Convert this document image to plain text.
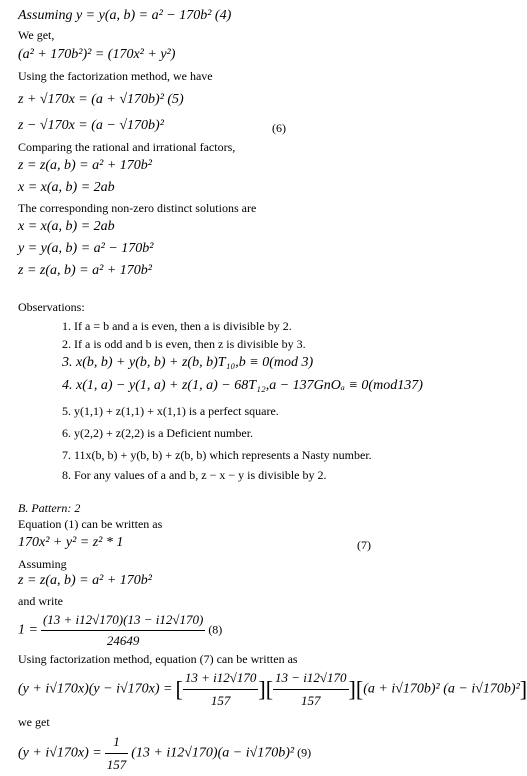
Assuming y = y(a, b) = a² − 170b² (4)
We get,
(a² + 170b²)² = (170x² + y²)
Using the factorization method, we have
z + √170x = (a + √170b)² (5)
z − √170x = (a − √170b)²	(6)
Comparing the rational and irrational factors,
z = z(a, b) = a² + 170b²
x = x(a, b) = 2ab
The corresponding non-zero distinct solutions are
x = x(a, b) = 2ab
y = y(a, b) = a² − 170b²
z = z(a, b) = a² + 170b²
Observations:
1. If a = b and a is even, then a is divisible by 2.
2. If a is odd and b is even, then z is divisible by 3.
3. x(b, b) + y(b, b) + z(b, b)T₁₀,b ≡ 0(mod 3)
4. x(1, a) − y(1, a) + z(1, a) − 68T₁₂,a − 137GnOₐ ≡ 0(mod137)
5. y(1,1) + z(1,1) + x(1,1) is a perfect square.
6. y(2,2) + z(2,2) is a Deficient number.
7. 11x(b, b) + y(b, b) + z(b, b) which represents a Nasty number.
8. For any values of a and b, z − x − y is divisible by 2.
B. Pattern: 2
Equation (1) can be written as
170x² + y² = z² * 1	(7)
Assuming
z = z(a, b) = a² + 170b²
and write
$1 = \frac{(13 + i12√170)(13 - i12√170)}{24649} (8)$
Using factorization method, equation (7) can be written as
(y + i√170x)(y − i√170x) = [ $\frac{13 + i12√170}{157}$ ][ $\frac{13 - i12√170}{157} ][(a + i√170b)^2$ (a − i√170b)²]
we get
$(y + i√170x) = \frac{1}{157} (13 + i12√170)(a - i√170b)^2$ (9)
